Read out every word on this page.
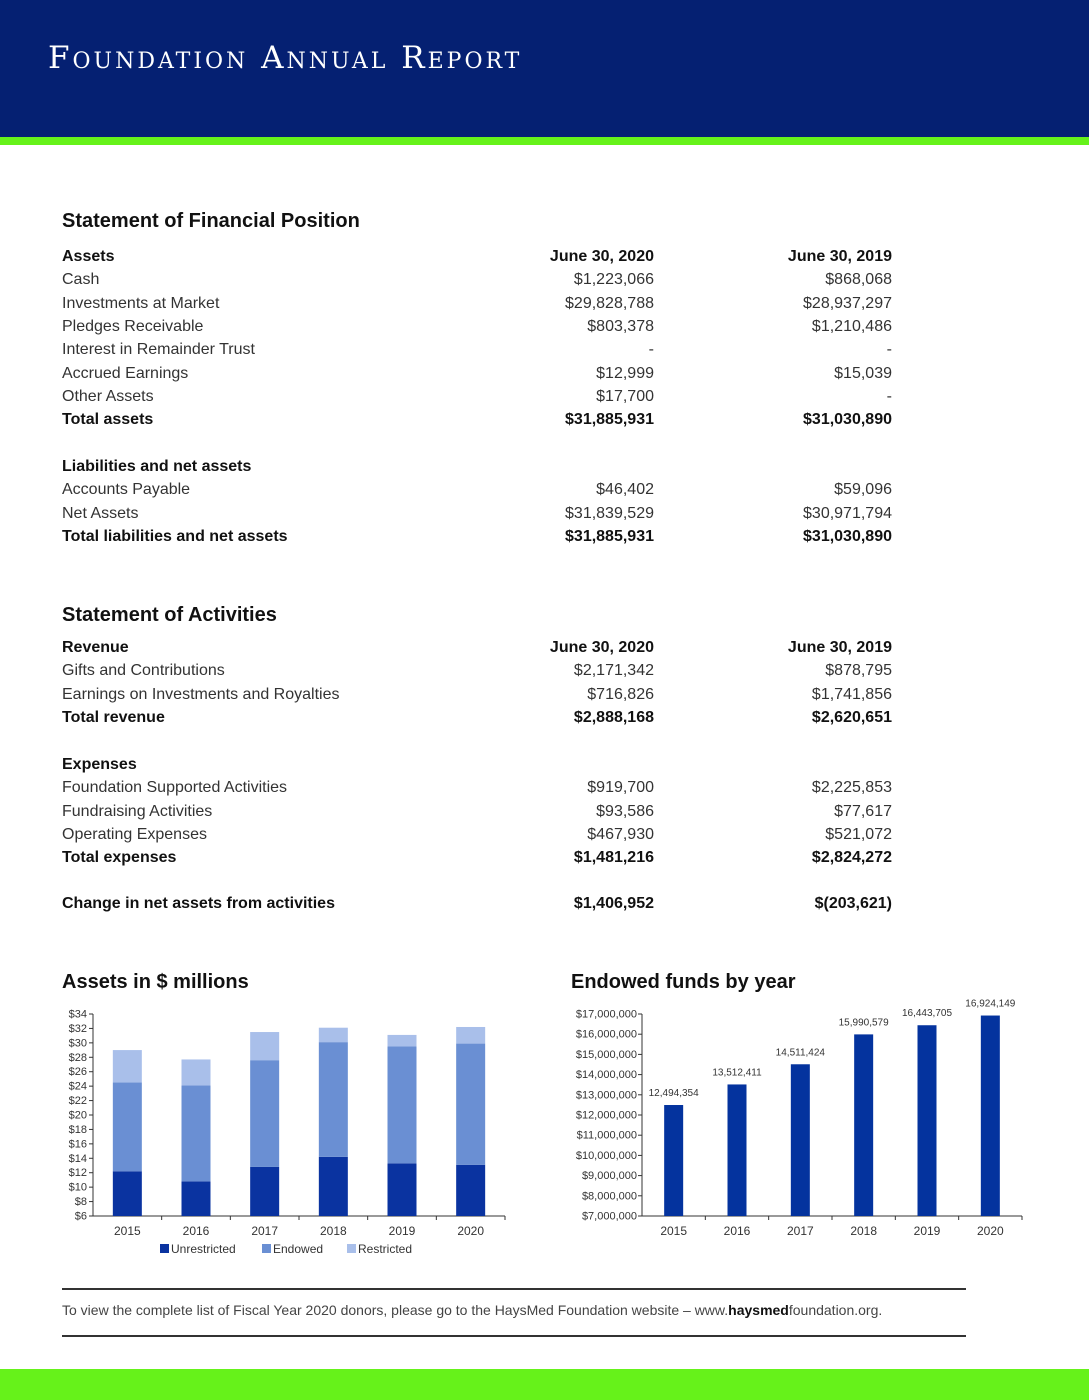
Foundation Annual Report
Statement of Financial Position
Assets	June 30, 2020	June 30, 2019
Cash	$1,223,066	$868,068
Investments at Market	$29,828,788	$28,937,297
Pledges Receivable	$803,378	$1,210,486
Interest in Remainder Trust	-	-
Accrued Earnings	$12,999	$15,039
Other Assets	$17,700	-
Total assets	$31,885,931	$31,030,890
Liabilities and net assets
Accounts Payable	$46,402	$59,096
Net Assets	$31,839,529	$30,971,794
Total liabilities and net assets	$31,885,931	$31,030,890
Statement of Activities
Revenue	June 30, 2020	June 30, 2019
Gifts and Contributions	$2,171,342	$878,795
Earnings on Investments and Royalties	$716,826	$1,741,856
Total revenue	$2,888,168	$2,620,651
Expenses
Foundation Supported Activities	$919,700	$2,225,853
Fundraising Activities	$93,586	$77,617
Operating Expenses	$467,930	$521,072
Total expenses	$1,481,216	$2,824,272
Change in net assets from activities	$1,406,952	$(203,621)
Assets in $ millions
$6
$8
$10
$12
$14
$16
$18
$20
$22
$24
$26
$28
$30
$32
$34
2015	2016	2017	2018	2019	2020
Unrestricted	Endowed	Restricted
Endowed funds by year
$7,000,000
$8,000,000
$9,000,000
$10,000,000
$11,000,000
$12,000,000
$13,000,000
$14,000,000
$15,000,000
$16,000,000
$17,000,000
12,494,354
2015
13,512,411
2016
14,511,424
2017
15,990,579
2018
16,443,705
2019
16,924,149
2020
To view the complete list of Fiscal Year 2020 donors, please go to the HaysMed Foundation website – www.haysmedfoundation.org.
